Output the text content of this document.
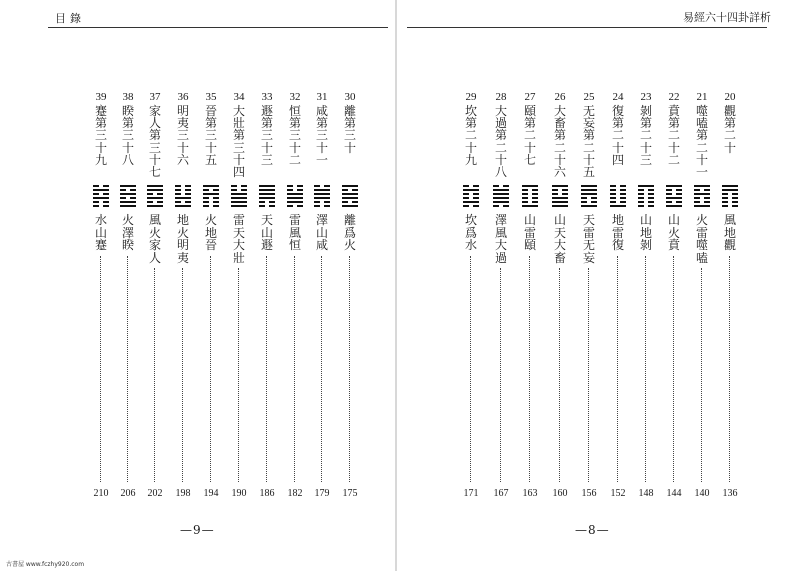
目錄
39
蹇
第
三
十
九
水
山
蹇
210
38
睽
第
三
十
八
火
澤
睽
206
37
家
人
第
三
十
七
風
火
家
人
202
36
明
夷
三
十
六
地
火
明
夷
198
35
晉
第
三
十
五
火
地
晉
194
34
大
壯
第
三
十
四
雷
天
大
壯
190
33
遯
第
三
十
三
天
山
遯
186
32
恒
第
三
十
二
雷
風
恒
182
31
咸
第
三
十
一
澤
山
咸
179
30
離
第
三
十
離
爲
火
175
—9—
古書屋 www.fczhy920.com
易經六十四卦詳析
29
坎
第
二
十
九
坎
爲
水
171
28
大
過
第
二
十
八
澤
風
大
過
167
27
頤
第
二
十
七
山
雷
頤
163
26
大
畜
第
二
十
六
山
天
大
畜
160
25
无
妄
第
二
十
五
天
雷
无
妄
156
24
復
第
二
十
四
地
雷
復
152
23
剝
第
二
十
三
山
地
剝
148
22
賁
第
二
十
二
山
火
賁
144
21
噬
嗑
第
二
十
一
火
雷
噬
嗑
140
20
觀
第
二
十
風
地
觀
136
—8—
